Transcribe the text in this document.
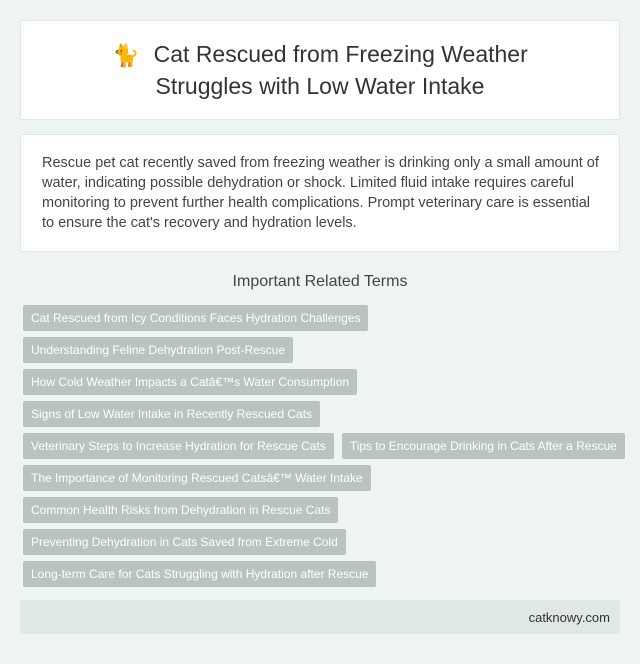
🐈 Cat Rescued from Freezing Weather Struggles with Low Water Intake

Rescue pet cat recently saved from freezing weather is drinking only a small amount of water, indicating possible dehydration or shock. Limited fluid intake requires careful monitoring to prevent further health complications. Prompt veterinary care is essential to ensure the cat's recovery and hydration levels.

Important Related Terms
Cat Rescued from Icy Conditions Faces Hydration Challenges
Understanding Feline Dehydration Post-Rescue
How Cold Weather Impacts a Catâ€™s Water Consumption
Signs of Low Water Intake in Recently Rescued Cats
Veterinary Steps to Increase Hydration for Rescue Cats	Tips to Encourage Drinking in Cats After a Rescue
The Importance of Monitoring Rescued Catsâ€™ Water Intake
Common Health Risks from Dehydration in Rescue Cats
Preventing Dehydration in Cats Saved from Extreme Cold
Long-term Care for Cats Struggling with Hydration after Rescue
catknowy.com
